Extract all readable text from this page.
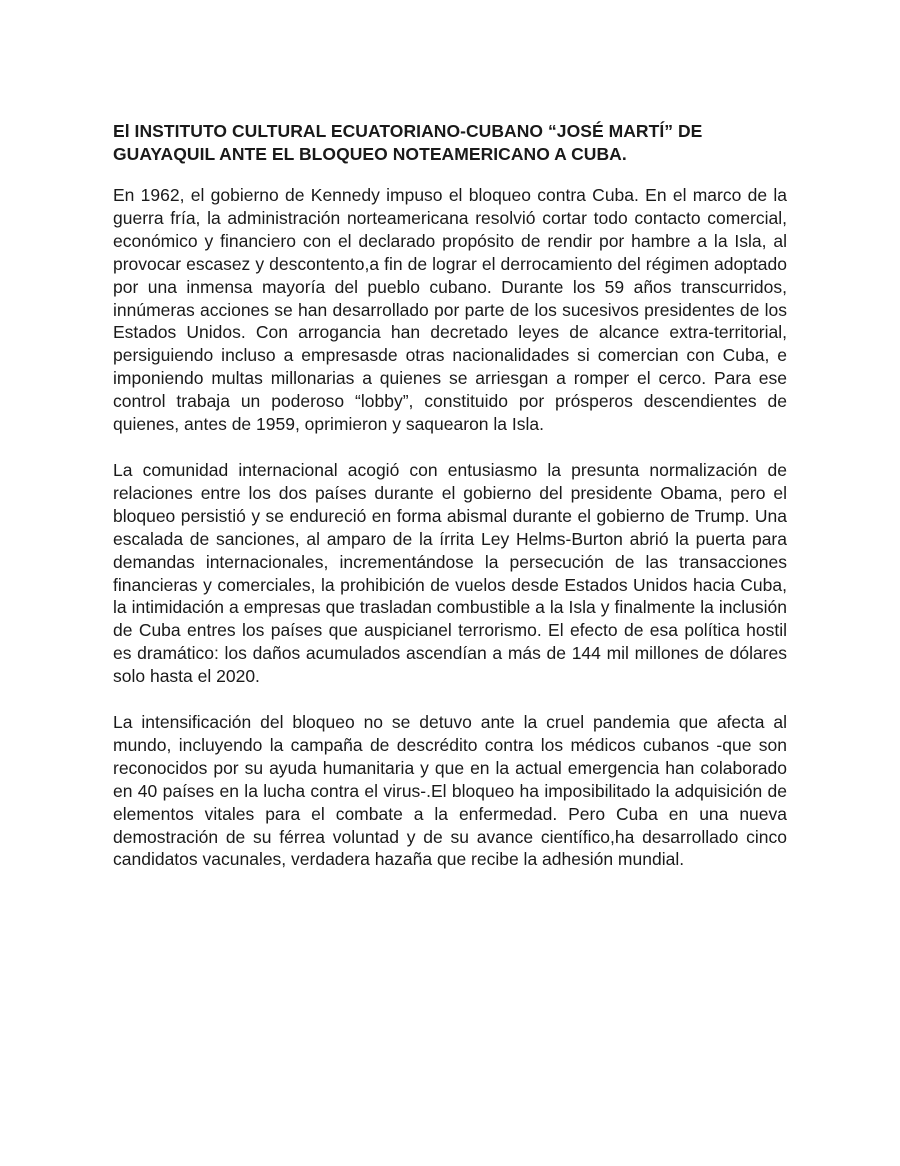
El INSTITUTO CULTURAL ECUATORIANO-CUBANO “JOSÉ MARTÍ” DE GUAYAQUIL ANTE EL BLOQUEO NOTEAMERICANO A CUBA.

En 1962, el gobierno de Kennedy impuso el bloqueo contra Cuba. En el marco de la guerra fría, la administración norteamericana resolvió cortar todo contacto comercial, económico y financiero con el declarado propósito de rendir por hambre a la Isla, al provocar escasez y descontento,a fin de lograr el derrocamiento del régimen adoptado por una inmensa mayoría del pueblo cubano. Durante los 59 años transcurridos, innúmeras acciones se han desarrollado por parte de los sucesivos presidentes de los Estados Unidos. Con arrogancia han decretado leyes de alcance extra-territorial, persiguiendo incluso a empresasde otras nacionalidades si comercian con Cuba, e imponiendo multas millonarias a quienes se arriesgan a romper el cerco. Para ese control trabaja un poderoso “lobby”, constituido por prósperos descendientes de quienes, antes de 1959, oprimieron y saquearon la Isla.

La comunidad internacional acogió con entusiasmo la presunta normalización de relaciones entre los dos países durante el gobierno del presidente Obama, pero el bloqueo persistió y se endureció en forma abismal durante el gobierno de Trump. Una escalada de sanciones, al amparo de la írrita Ley Helms-Burton abrió la puerta para demandas internacionales, incrementándose la persecución de las transacciones financieras y comerciales, la prohibición de vuelos desde Estados Unidos hacia Cuba, la intimidación a empresas que trasladan combustible a la Isla y finalmente la inclusión de Cuba entres los países que auspicianel terrorismo. El efecto de esa política hostil es dramático: los daños acumulados ascendían a más de 144 mil millones de dólares solo hasta el 2020.

La intensificación del bloqueo no se detuvo ante la cruel pandemia que afecta al mundo, incluyendo la campaña de descrédito contra los médicos cubanos -que son reconocidos por su ayuda humanitaria y que en la actual emergencia han colaborado en 40 países en la lucha contra el virus-.El bloqueo ha imposibilitado la adquisición de elementos vitales para el combate a la enfermedad. Pero Cuba en una nueva demostración de su férrea voluntad y de su avance científico,ha desarrollado cinco candidatos vacunales, verdadera hazaña que recibe la adhesión mundial.
